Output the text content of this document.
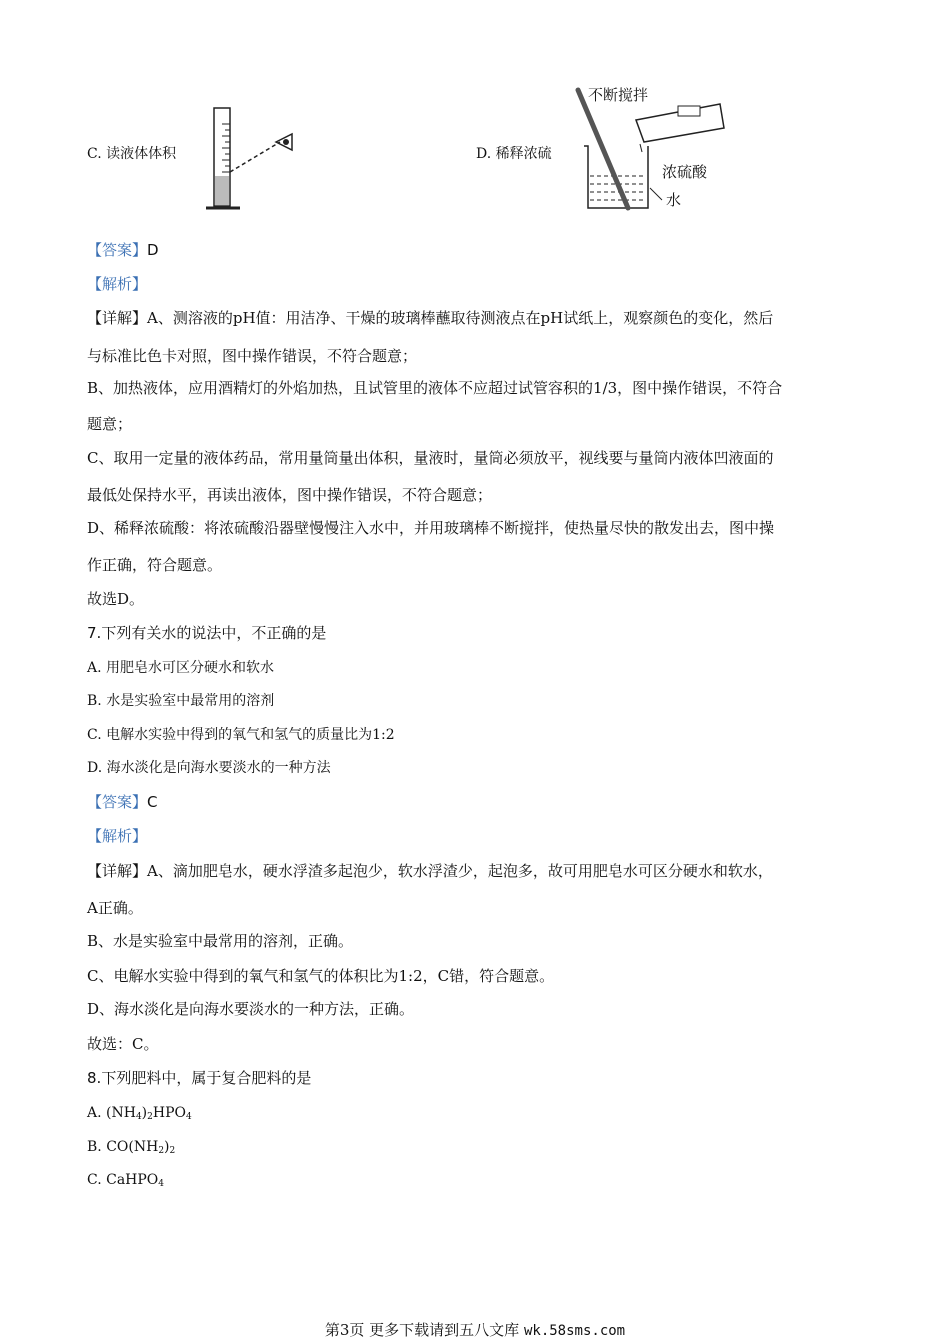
C. 读液体体积	D. 稀释浓硫
不断搅拌
浓硫酸
水
【答案】D
【解析】
【详解】A、测溶液的pH值：用洁净、干燥的玻璃棒蘸取待测液点在pH试纸上，观察颜色的变化，然后
与标准比色卡对照，图中操作错误，不符合题意；
B、加热液体，应用酒精灯的外焰加热，且试管里的液体不应超过试管容积的1/3，图中操作错误，不符合
题意；
C、取用一定量的液体药品，常用量筒量出体积，量液时，量筒必须放平，视线要与量筒内液体凹液面的
最低处保持水平，再读出液体，图中操作错误，不符合题意；
D、稀释浓硫酸：将浓硫酸沿器壁慢慢注入水中，并用玻璃棒不断搅拌，使热量尽快的散发出去，图中操
作正确，符合题意。
故选D。
7.下列有关水的说法中，不正确的是
A. 用肥皂水可区分硬水和软水
B. 水是实验室中最常用的溶剂
C. 电解水实验中得到的氧气和氢气的质量比为1:2
D. 海水淡化是向海水要淡水的一种方法
【答案】C
【解析】
【详解】A、滴加肥皂水，硬水浮渣多起泡少，软水浮渣少，起泡多，故可用肥皂水可区分硬水和软水，
A正确。
B、水是实验室中最常用的溶剂，正确。
C、电解水实验中得到的氧气和氢气的体积比为1:2，C错，符合题意。
D、海水淡化是向海水要淡水的一种方法，正确。
故选：C。
8.下列肥料中，属于复合肥料的是
A. $(NH_4)_2HPO_4$
B. $CO(NH_2)_2$
C. CaHPO$_4$
第3页 更多下载请到五八文库 wk.58sms.com
